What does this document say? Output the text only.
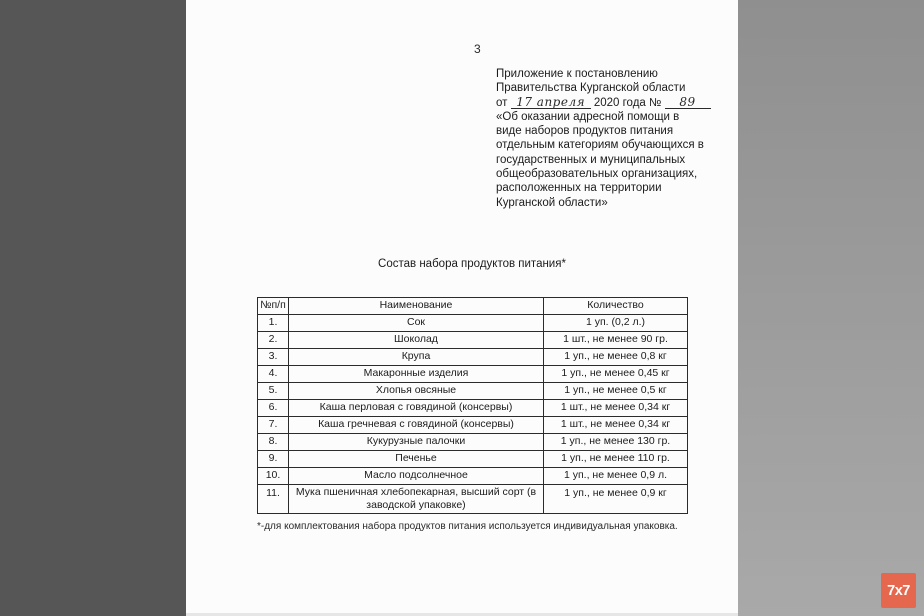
3
Приложение к постановлению
Правительства Курганской области
от 17 апреля 2020 года № 89
«Об оказании адресной помощи в
виде наборов продуктов питания
отдельным категориям обучающихся в
государственных и муниципальных
общеобразовательных организациях,
расположенных на территории
Курганской области»
Состав набора продуктов питания*
№п/п	Наименование	Количество
1.	Сок	1 уп. (0,2 л.)
2.	Шоколад	1 шт., не менее 90 гр.
3.	Крупа	1 уп., не менее 0,8 кг
4.	Макаронные изделия	1 уп., не менее 0,45 кг
5.	Хлопья овсяные	1 уп., не менее 0,5 кг
6.	Каша перловая с говядиной (консервы)	1 шт., не менее 0,34 кг
7.	Каша гречневая с говядиной (консервы)	1 шт., не менее 0,34 кг
8.	Кукурузные палочки	1 уп., не менее 130 гр.
9.	Печенье	1 уп., не менее 110 гр.
10.	Масло подсолнечное	1 уп., не менее 0,9 л.
11.	Мука пшеничная хлебопекарная, высший сорт (в заводской упаковке)	1 уп., не менее 0,9 кг
*-для комплектования набора продуктов питания используется индивидуальная упаковка.
7x7
